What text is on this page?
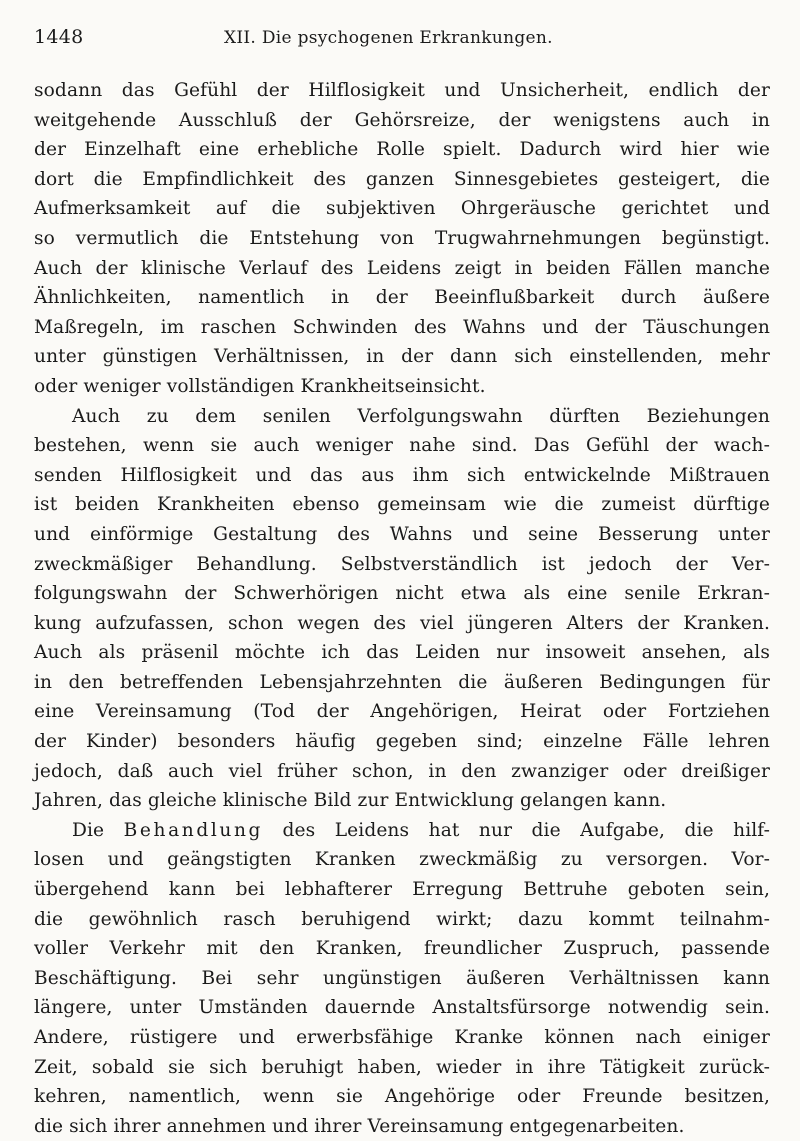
1448	XII. Die psychogenen Erkrankungen.
sodann das Gefühl der Hilflosigkeit und Unsicherheit, endlich der
weitgehende Ausschluß der Gehörsreize, der wenigstens auch in
der Einzelhaft eine erhebliche Rolle spielt. Dadurch wird hier wie
dort die Empfindlichkeit des ganzen Sinnesgebietes gesteigert, die
Aufmerksamkeit auf die subjektiven Ohrgeräusche gerichtet und
so vermutlich die Entstehung von Trugwahrnehmungen begünstigt.
Auch der klinische Verlauf des Leidens zeigt in beiden Fällen manche
Ähnlichkeiten, namentlich in der Beeinflußbarkeit durch äußere
Maßregeln, im raschen Schwinden des Wahns und der Täuschungen
unter günstigen Verhältnissen, in der dann sich einstellenden, mehr
oder weniger vollständigen Krankheitseinsicht.
Auch zu dem senilen Verfolgungswahn dürften Beziehungen
bestehen, wenn sie auch weniger nahe sind. Das Gefühl der wach-
senden Hilflosigkeit und das aus ihm sich entwickelnde Mißtrauen
ist beiden Krankheiten ebenso gemeinsam wie die zumeist dürftige
und einförmige Gestaltung des Wahns und seine Besserung unter
zweckmäßiger Behandlung. Selbstverständlich ist jedoch der Ver-
folgungswahn der Schwerhörigen nicht etwa als eine senile Erkran-
kung aufzufassen, schon wegen des viel jüngeren Alters der Kranken.
Auch als präsenil möchte ich das Leiden nur insoweit ansehen, als
in den betreffenden Lebensjahrzehnten die äußeren Bedingungen für
eine Vereinsamung (Tod der Angehörigen, Heirat oder Fortziehen
der Kinder) besonders häufig gegeben sind; einzelne Fälle lehren
jedoch, daß auch viel früher schon, in den zwanziger oder dreißiger
Jahren, das gleiche klinische Bild zur Entwicklung gelangen kann.
Die Behandlung des Leidens hat nur die Aufgabe, die hilf-
losen und geängstigten Kranken zweckmäßig zu versorgen. Vor-
übergehend kann bei lebhafterer Erregung Bettruhe geboten sein,
die gewöhnlich rasch beruhigend wirkt; dazu kommt teilnahm-
voller Verkehr mit den Kranken, freundlicher Zuspruch, passende
Beschäftigung. Bei sehr ungünstigen äußeren Verhältnissen kann
längere, unter Umständen dauernde Anstaltsfürsorge notwendig sein.
Andere, rüstigere und erwerbsfähige Kranke können nach einiger
Zeit, sobald sie sich beruhigt haben, wieder in ihre Tätigkeit zurück-
kehren, namentlich, wenn sie Angehörige oder Freunde besitzen,
die sich ihrer annehmen und ihrer Vereinsamung entgegenarbeiten.
